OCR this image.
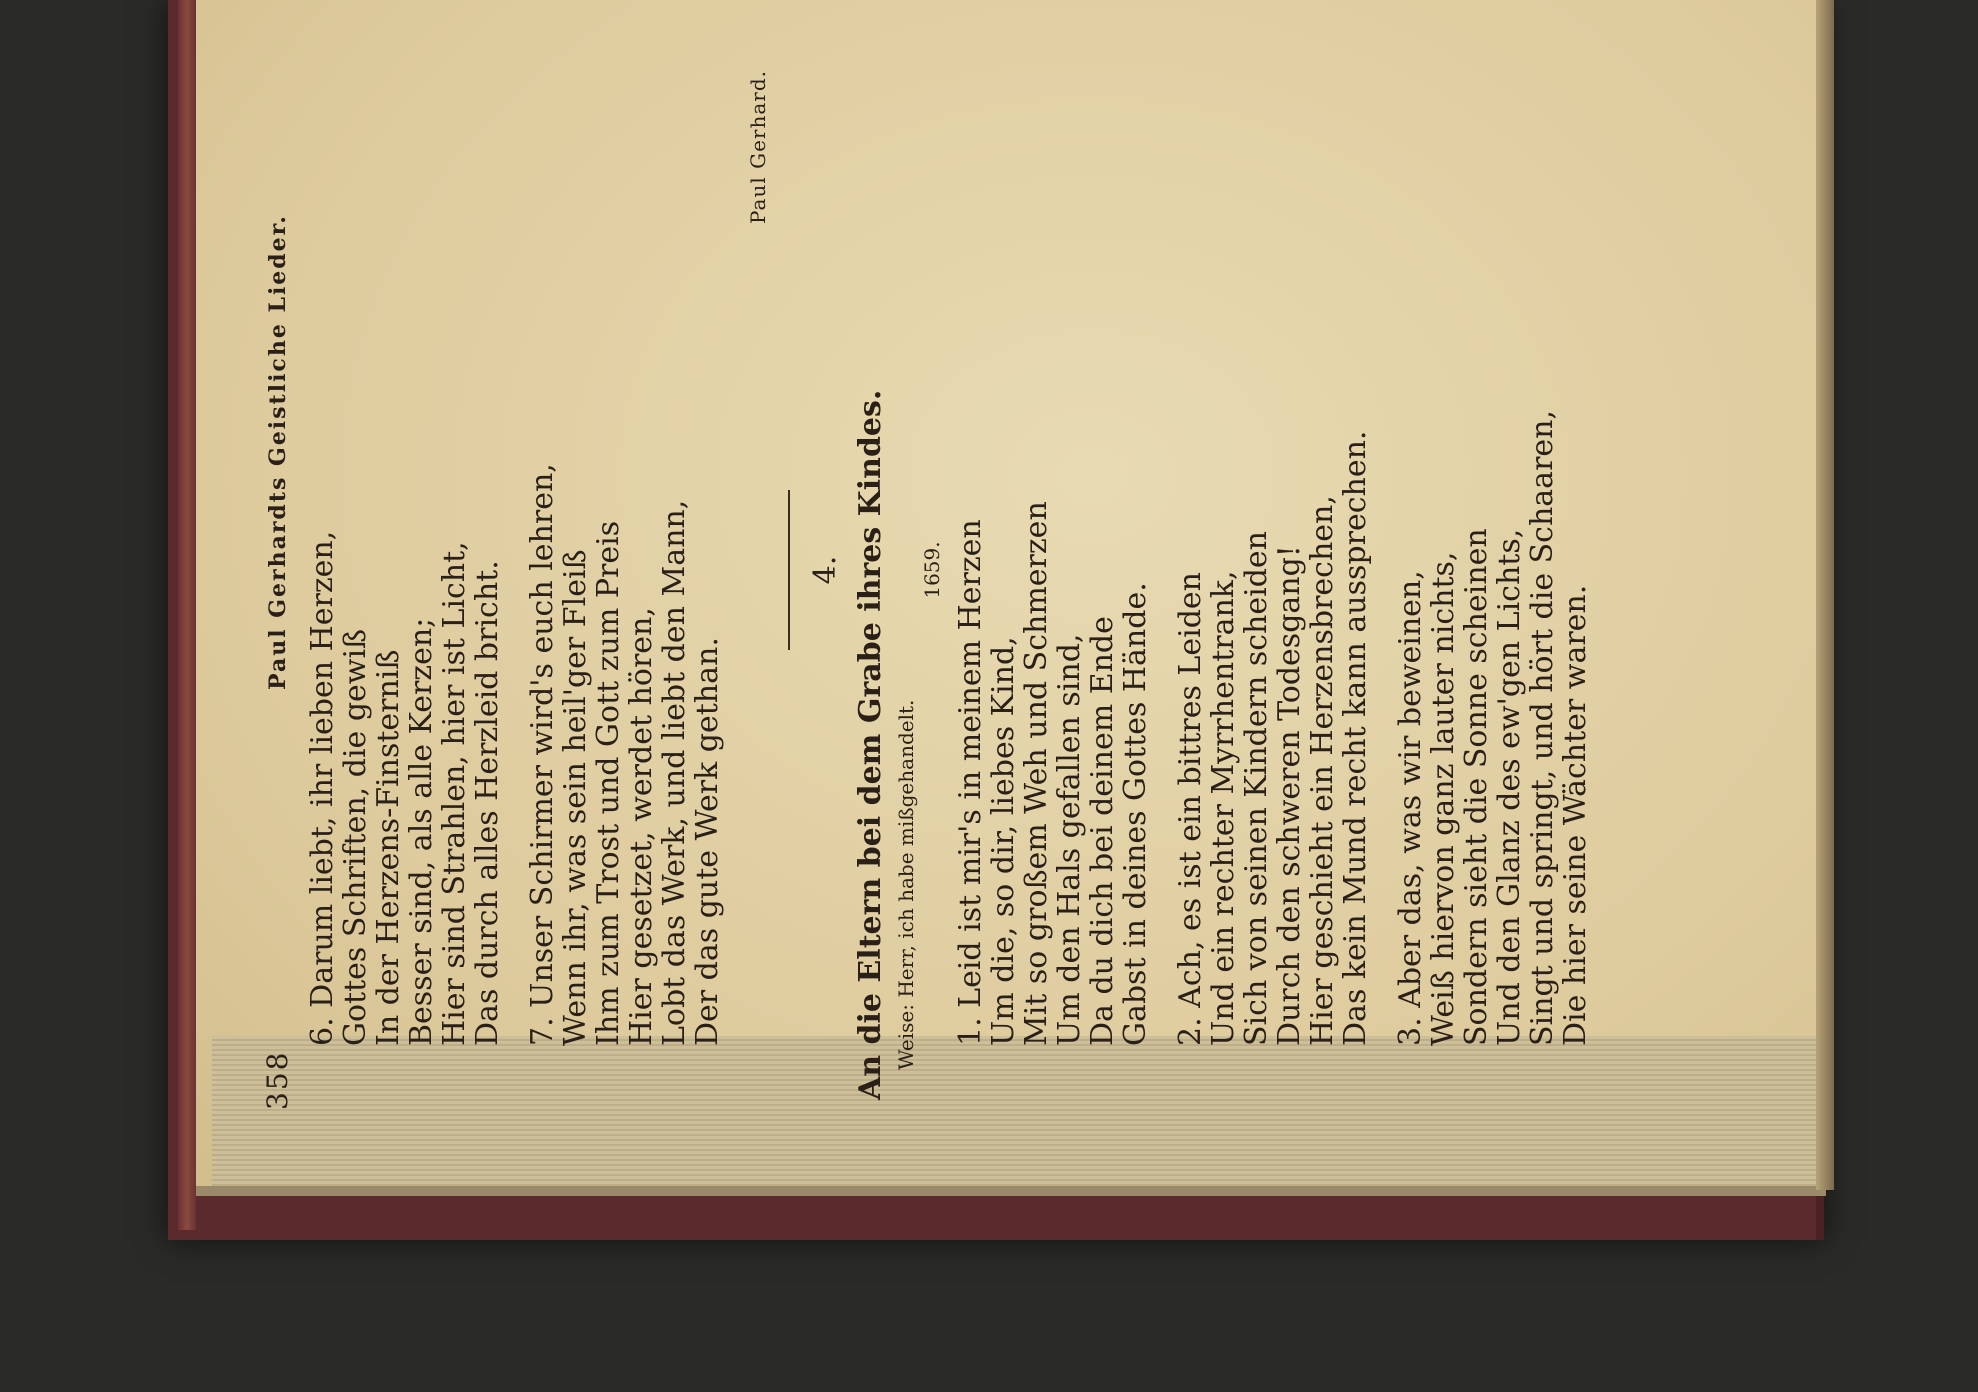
358
Paul Gerhardts Geistliche Lieder.
6. Darum liebt, ihr lieben Herzen,
Gottes Schriften, die gewiß
In der Herzens-Finsterniß
Besser sind, als alle Kerzen;
Hier sind Strahlen, hier ist Licht,
Das durch alles Herzleid bricht. 7. Unser Schirmer wird's euch lehren,
Wenn ihr, was sein heil'ger Fleiß
Ihm zum Trost und Gott zum Preis
Hier gesetzet, werdet hören,
Lobt das Werk, und liebt den Mann,
Der das gute Werk gethan.
Paul Gerhard.
4. An die Eltern bei dem Grabe ihres Kindes. Weise: Herr, ich habe mißgehandelt.
1659. 1. Leid ist mir's in meinem Herzen
Um die, so dir, liebes Kind,
Mit so großem Weh und Schmerzen
Um den Hals gefallen sind,
Da du dich bei deinem Ende
Gabst in deines Gottes Hände. 2. Ach, es ist ein bittres Leiden
Und ein rechter Myrrhentrank,
Sich von seinen Kindern scheiden
Durch den schweren Todesgang!
Hier geschieht ein Herzensbrechen,
Das kein Mund recht kann aussprechen. 3. Aber das, was wir beweinen,
Weiß hiervon ganz lauter nichts,
Sondern sieht die Sonne scheinen
Und den Glanz des ew'gen Lichts,
Singt und springt, und hört die Schaaren,
Die hier seine Wächter waren.
